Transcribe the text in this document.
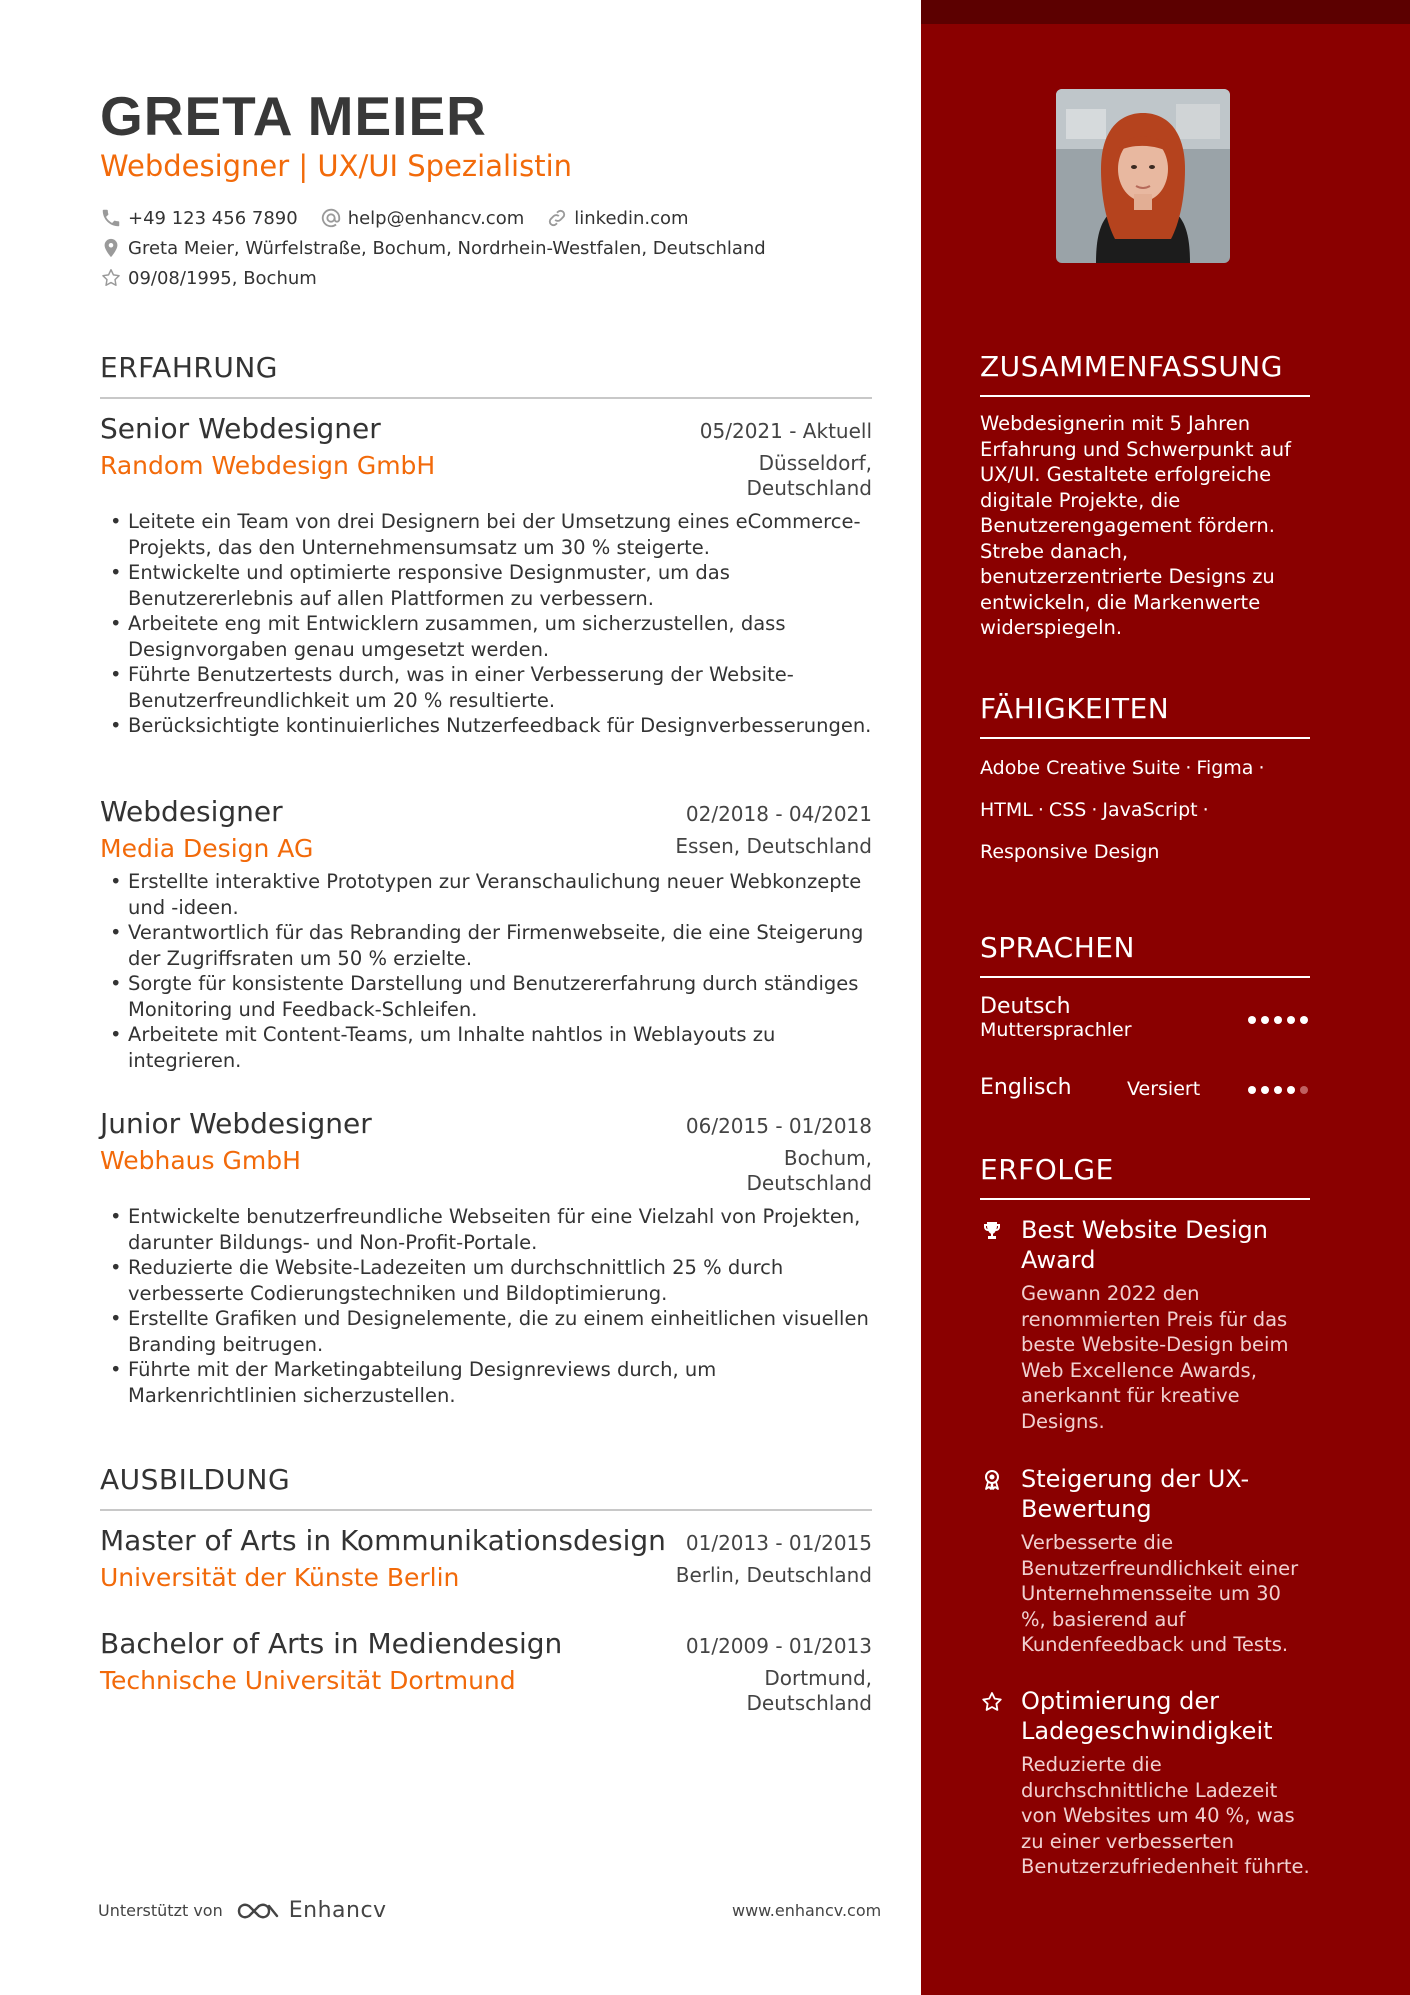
GRETA MEIER
Webdesigner | UX/UI Spezialistin
+49 123 456 7890	help@enhancv.com	linkedin.com
Greta Meier, Würfelstraße, Bochum, Nordrhein-Westfalen, Deutschland
09/08/1995, Bochum
ERFAHRUNG
Senior Webdesigner	05/2021 - Aktuell
Random Webdesign GmbH	Düsseldorf,
Deutschland
• Leitete ein Team von drei Designern bei der Umsetzung eines eCommerce-Projekts, das den Unternehmensumsatz um 30 % steigerte.
• Entwickelte und optimierte responsive Designmuster, um das Benutzererlebnis auf allen Plattformen zu verbessern.
• Arbeitete eng mit Entwicklern zusammen, um sicherzustellen, dass Designvorgaben genau umgesetzt werden.
• Führte Benutzertests durch, was in einer Verbesserung der Website-Benutzerfreundlichkeit um 20 % resultierte.
• Berücksichtigte kontinuierliches Nutzerfeedback für Designverbesserungen.
Webdesigner	02/2018 - 04/2021
Media Design AG	Essen, Deutschland
• Erstellte interaktive Prototypen zur Veranschaulichung neuer Webkonzepte und -ideen.
• Verantwortlich für das Rebranding der Firmenwebseite, die eine Steigerung der Zugriffsraten um 50 % erzielte.
• Sorgte für konsistente Darstellung und Benutzererfahrung durch ständiges Monitoring und Feedback-Schleifen.
• Arbeitete mit Content-Teams, um Inhalte nahtlos in Weblayouts zu integrieren.
Junior Webdesigner	06/2015 - 01/2018
Webhaus GmbH	Bochum,
Deutschland
• Entwickelte benutzerfreundliche Webseiten für eine Vielzahl von Projekten, darunter Bildungs- und Non-Profit-Portale.
• Reduzierte die Website-Ladezeiten um durchschnittlich 25 % durch verbesserte Codierungstechniken und Bildoptimierung.
• Erstellte Grafiken und Designelemente, die zu einem einheitlichen visuellen Branding beitrugen.
• Führte mit der Marketingabteilung Designreviews durch, um Markenrichtlinien sicherzustellen.
AUSBILDUNG
Master of Arts in Kommunikationsdesign 01/2013 - 01/2015
Universität der Künste Berlin	Berlin, Deutschland
Bachelor of Arts in Mediendesign	01/2009 - 01/2013
Technische Universität Dortmund	Dortmund,
Deutschland
Unterstützt von	Enhancv	www.enhancv.com
ZUSAMMENFASSUNG
Webdesignerin mit 5 Jahren Erfahrung und Schwerpunkt auf UX/UI. Gestaltete erfolgreiche digitale Projekte, die Benutzerengagement fördern. Strebe danach, benutzerzentrierte Designs zu entwickeln, die Markenwerte widerspiegeln.
FÄHIGKEITEN
Adobe Creative Suite · Figma ·
HTML · CSS · JavaScript ·
Responsive Design
SPRACHEN
Deutsch
Muttersprachler
Englisch	Versiert
ERFOLGE
Best Website Design Award
Gewann 2022 den renommierten Preis für das beste Website-Design beim Web Excellence Awards, anerkannt für kreative Designs.
Steigerung der UX-Bewertung
Verbesserte die Benutzerfreundlichkeit einer Unternehmensseite um 30 %, basierend auf Kundenfeedback und Tests.
Optimierung der Ladegeschwindigkeit
Reduzierte die durchschnittliche Ladezeit von Websites um 40 %, was zu einer verbesserten Benutzerzufriedenheit führte.
